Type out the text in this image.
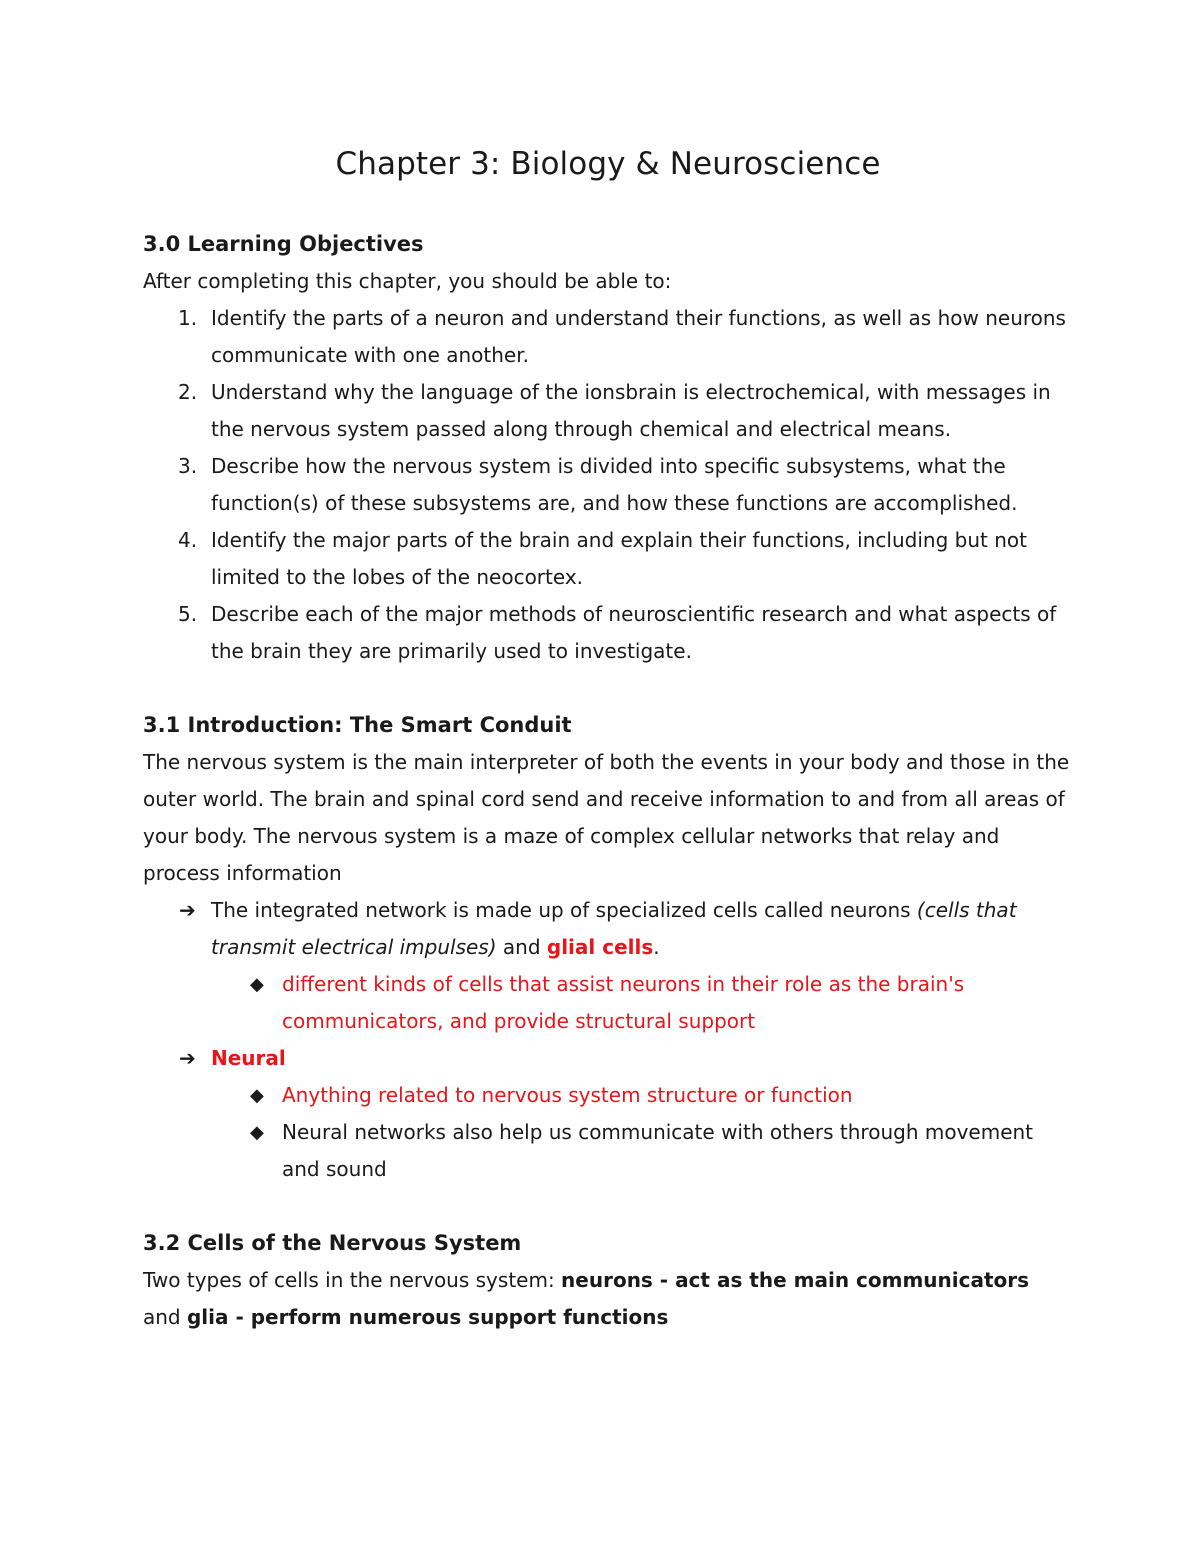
Chapter 3: Biology & Neuroscience
3.0 Learning Objectives

After completing this chapter, you should be able to:

1. Identify the parts of a neuron and understand their functions, as well as how neurons communicate with one another.
2. Understand why the language of the ionsbrain is electrochemical, with messages in the nervous system passed along through chemical and electrical means.
3. Describe how the nervous system is divided into specific subsystems, what the function(s) of these subsystems are, and how these functions are accomplished.
4. Identify the major parts of the brain and explain their functions, including but not limited to the lobes of the neocortex.
5. Describe each of the major methods of neuroscientific research and what aspects of the brain they are primarily used to investigate.
3.1 Introduction: The Smart Conduit

The nervous system is the main interpreter of both the events in your body and those in the outer world. The brain and spinal cord send and receive information to and from all areas of your body. The nervous system is a maze of complex cellular networks that relay and process information

➔ The integrated network is made up of specialized cells called neurons (cells that transmit electrical impulses) and glial cells.
◆ different kinds of cells that assist neurons in their role as the brain's communicators, and provide structural support
➔ Neural
◆ Anything related to nervous system structure or function
◆ Neural networks also help us communicate with others through movement and sound
3.2 Cells of the Nervous System

Two types of cells in the nervous system: neurons - act as the main communicators and glia - perform numerous support functions
